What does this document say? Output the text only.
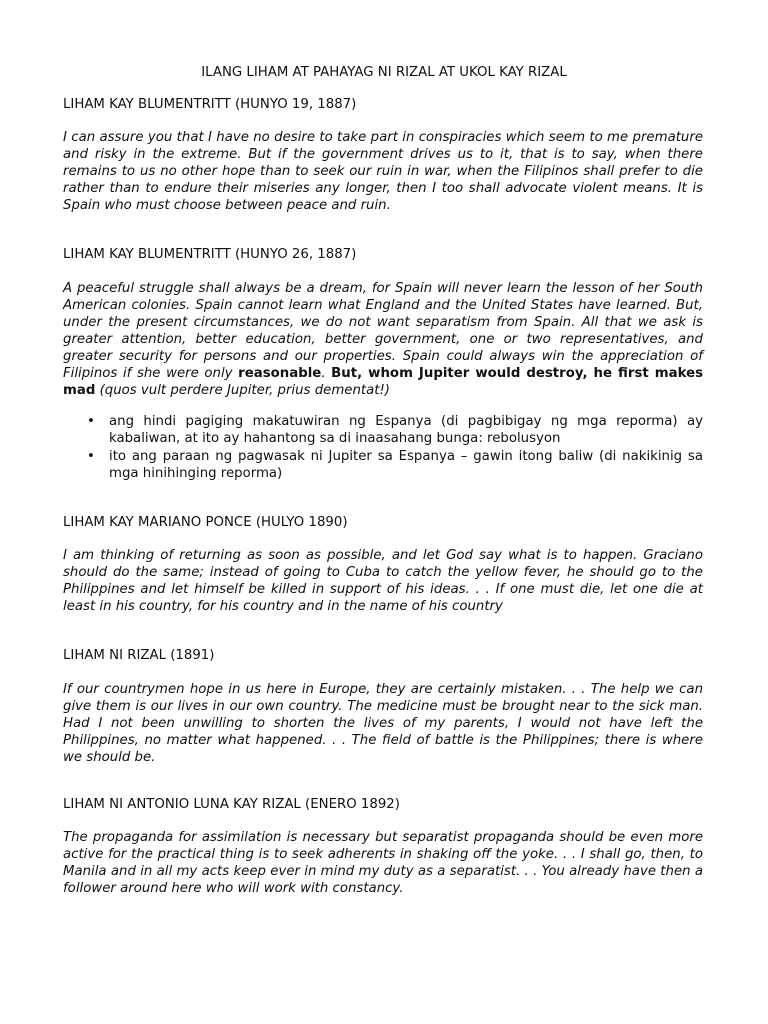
ILANG LIHAM AT PAHAYAG NI RIZAL AT UKOL KAY RIZAL
LIHAM KAY BLUMENTRITT (HUNYO 19, 1887)
I can assure you that I have no desire to take part in conspiracies which seem to me premature and risky in the extreme. But if the government drives us to it, that is to say, when there remains to us no other hope than to seek our ruin in war, when the Filipinos shall prefer to die rather than to endure their miseries any longer, then I too shall advocate violent means. It is Spain who must choose between peace and ruin.
LIHAM KAY BLUMENTRITT (HUNYO 26, 1887)
A peaceful struggle shall always be a dream, for Spain will never learn the lesson of her South American colonies. Spain cannot learn what England and the United States have learned. But, under the present circumstances, we do not want separatism from Spain. All that we ask is greater attention, better education, better government, one or two representatives, and greater security for persons and our properties. Spain could always win the appreciation of Filipinos if she were only reasonable. But, whom Jupiter would destroy, he first makes mad (quos vult perdere Jupiter, prius dementat!)
• ang hindi pagiging makatuwiran ng Espanya (di pagbibigay ng mga reporma) ay kabaliwan, at ito ay hahantong sa di inaasahang bunga: rebolusyon
• ito ang paraan ng pagwasak ni Jupiter sa Espanya – gawin itong baliw (di nakikinig sa mga hinihinging reporma)
LIHAM KAY MARIANO PONCE (HULYO 1890)
I am thinking of returning as soon as possible, and let God say what is to happen. Graciano should do the same; instead of going to Cuba to catch the yellow fever, he should go to the Philippines and let himself be killed in support of his ideas. . . If one must die, let one die at least in his country, for his country and in the name of his country
LIHAM NI RIZAL (1891)
If our countrymen hope in us here in Europe, they are certainly mistaken. . . The help we can give them is our lives in our own country. The medicine must be brought near to the sick man. Had I not been unwilling to shorten the lives of my parents, I would not have left the Philippines, no matter what happened. . . The field of battle is the Philippines; there is where we should be.
LIHAM NI ANTONIO LUNA KAY RIZAL (ENERO 1892)
The propaganda for assimilation is necessary but separatist propaganda should be even more active for the practical thing is to seek adherents in shaking off the yoke. . . I shall go, then, to Manila and in all my acts keep ever in mind my duty as a separatist. . . You already have then a follower around here who will work with constancy.
